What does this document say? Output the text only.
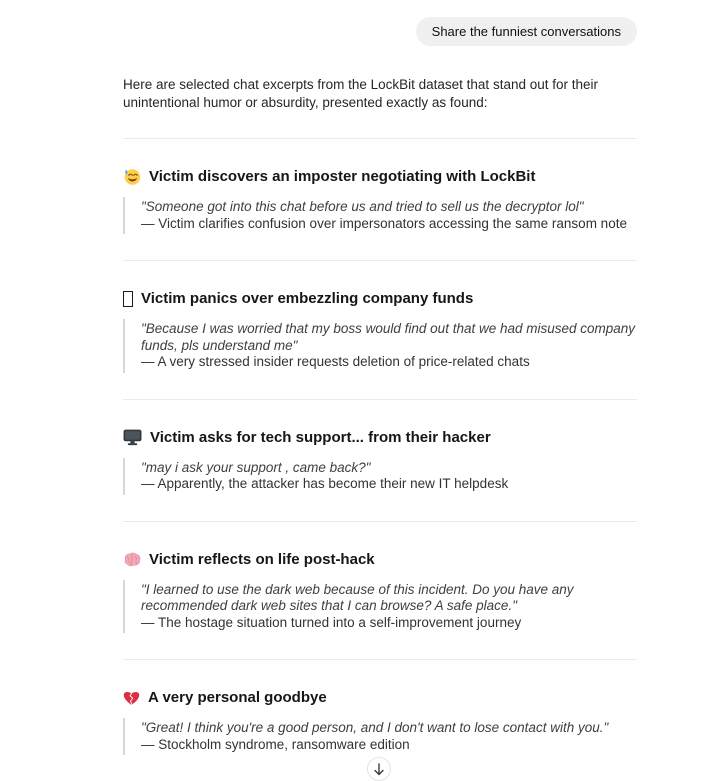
Share the funniest conversations

Here are selected chat excerpts from the LockBit dataset that stand out for their unintentional humor or absurdity, presented exactly as found:

Victim discovers an imposter negotiating with LockBit

"Someone got into this chat before us and tried to sell us the decryptor lol"

— Victim clarifies confusion over impersonators accessing the same ransom note

Victim panics over embezzling company funds

"Because I was worried that my boss would find out that we had misused company funds, pls understand me"

— A very stressed insider requests deletion of price-related chats

Victim asks for tech support... from their hacker

"may i ask your support , came back?"

— Apparently, the attacker has become their new IT helpdesk

Victim reflects on life post-hack

"I learned to use the dark web because of this incident. Do you have any recommended dark web sites that I can browse? A safe place."

— The hostage situation turned into a self-improvement journey

A very personal goodbye

"Great! I think you're a good person, and I don't want to lose contact with you."

— Stockholm syndrome, ransomware edition
